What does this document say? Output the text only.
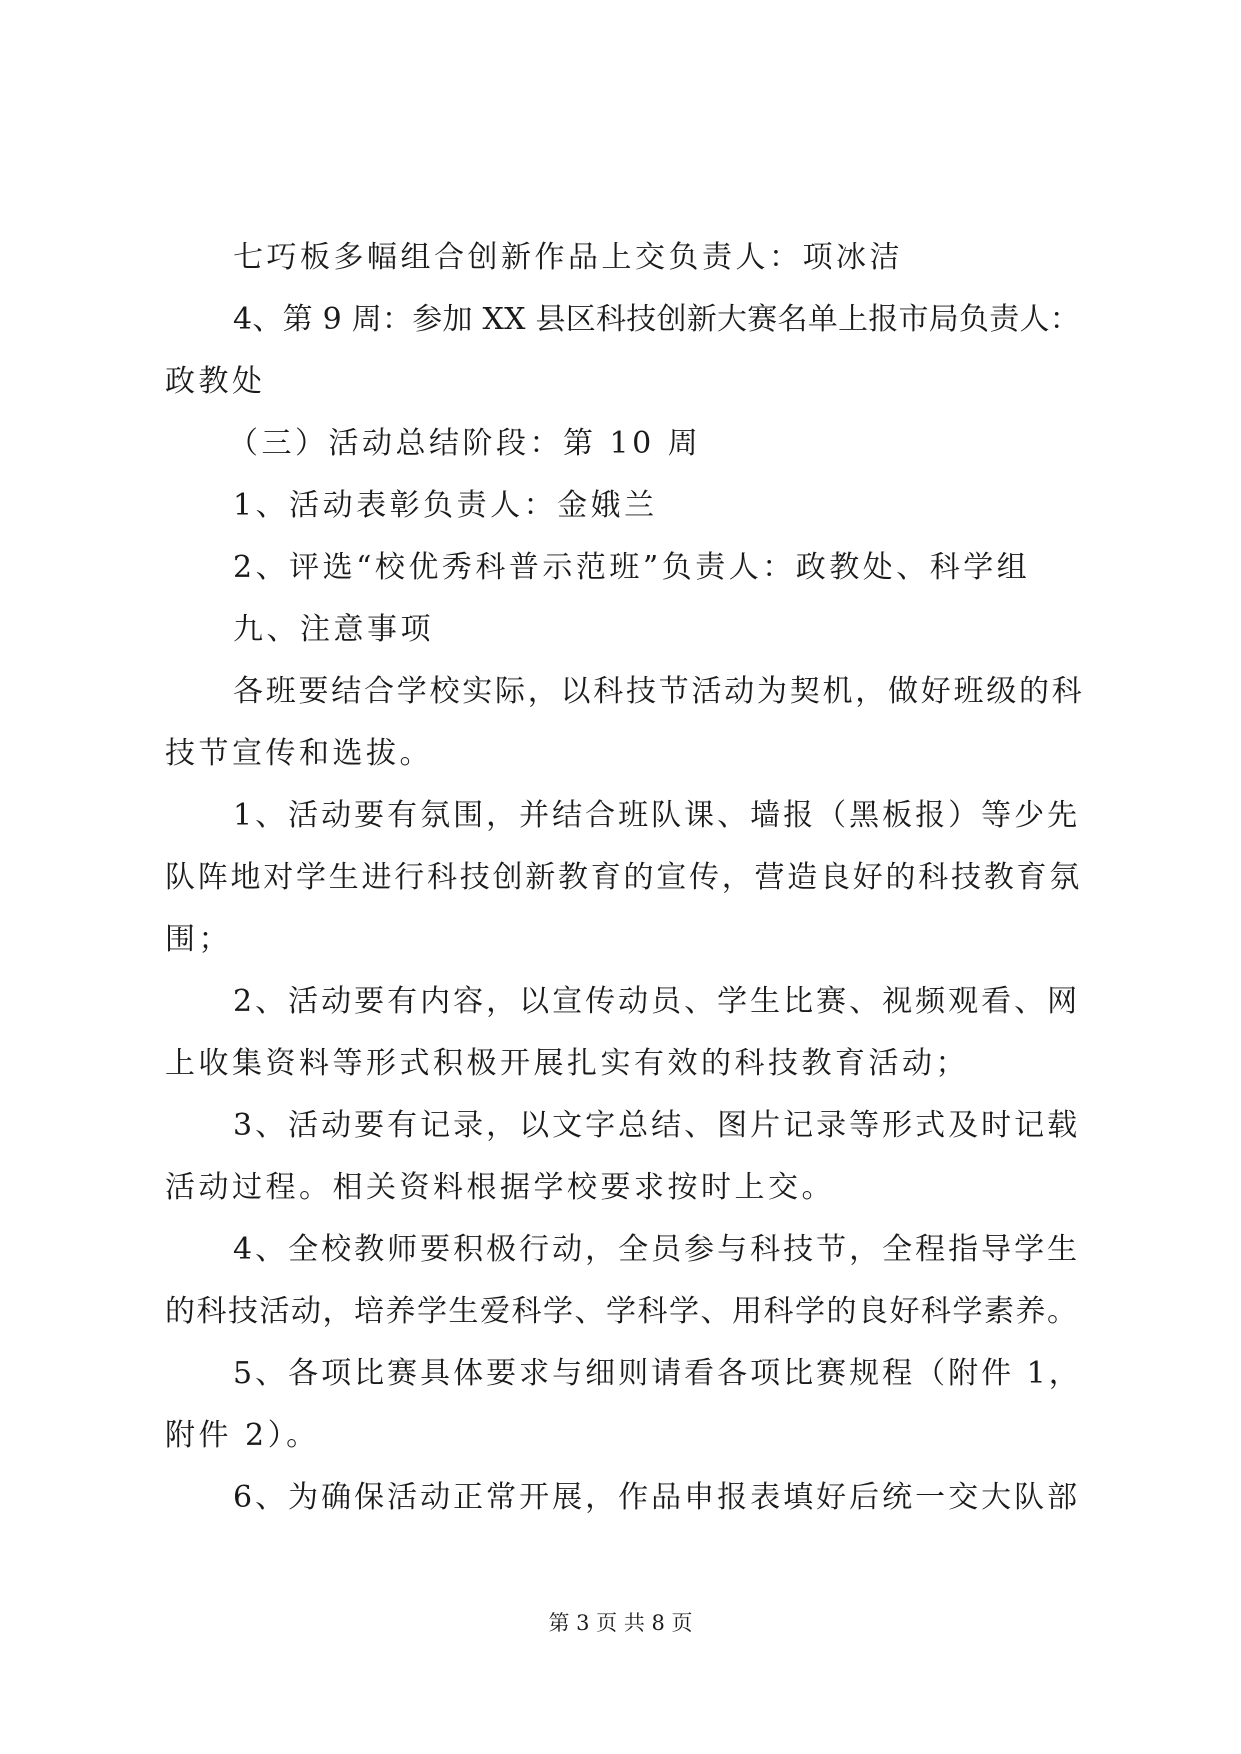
七巧板多幅组合创新作品上交负责人：项冰洁
4、第 9 周：参加 XX 县区科技创新大赛名单上报市局负责人：
政教处
（三）活动总结阶段：第 10 周
1、活动表彰负责人：金娥兰
2、评选“校优秀科普示范班”负责人：政教处、科学组
九、注意事项
各班要结合学校实际，以科技节活动为契机，做好班级的科
技节宣传和选拔。
1、活动要有氛围，并结合班队课、墙报（黑板报）等少先
队阵地对学生进行科技创新教育的宣传，营造良好的科技教育氛
围；
2、活动要有内容，以宣传动员、学生比赛、视频观看、网
上收集资料等形式积极开展扎实有效的科技教育活动；
3、活动要有记录，以文字总结、图片记录等形式及时记载
活动过程。相关资料根据学校要求按时上交。
4、全校教师要积极行动，全员参与科技节，全程指导学生
的科技活动，培养学生爱科学、学科学、用科学的良好科学素养。
5、各项比赛具体要求与细则请看各项比赛规程（附件 1，
附件 2）。
6、为确保活动正常开展，作品申报表填好后统一交大队部
第 3 页 共 8 页
